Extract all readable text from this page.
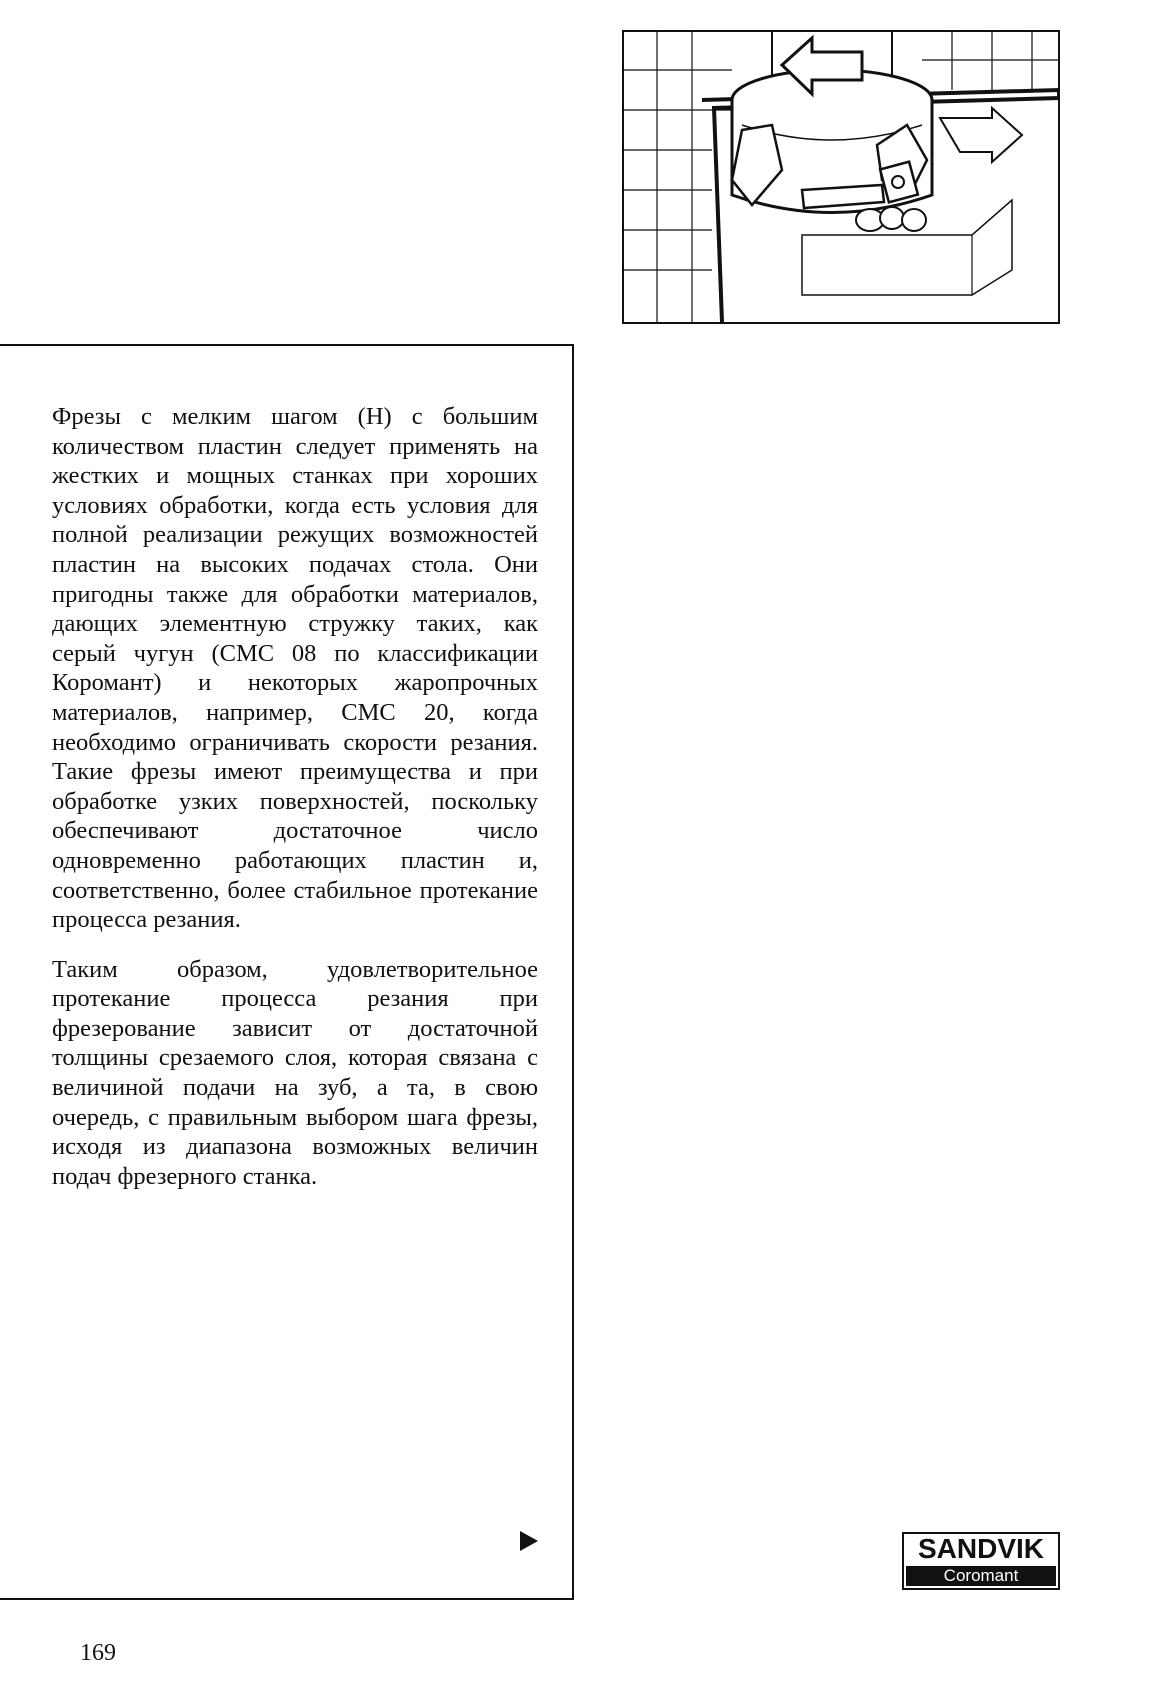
Фрезы с мелким шагом (H) с большим количеством пластин следует применять на жестких и мощных станках при хороших условиях обработки, когда есть условия для полной реализации режущих возможностей пластин на высоких подачах стола. Они пригодны также для обработки материалов, дающих элементную стружку таких, как серый чугун (СМС 08 по классификации Коромант) и некоторых жаропрочных материалов, например, СМС 20, когда необходимо ограничивать скорости резания. Такие фрезы имеют преимущества и при обработке узких поверхностей, поскольку обеспечивают достаточное число одновременно работающих пластин и, соответственно, более стабильное протекание процесса резания.

Таким образом, удовлетворительное протекание процесса резания при фрезерование зависит от достаточной толщины срезаемого слоя, которая связана с величиной подачи на зуб, а та, в свою очередь, с правильным выбором шага фрезы, исходя из диапазона возможных величин подач фрезерного станка.

169
SANDVIK
Coromant
